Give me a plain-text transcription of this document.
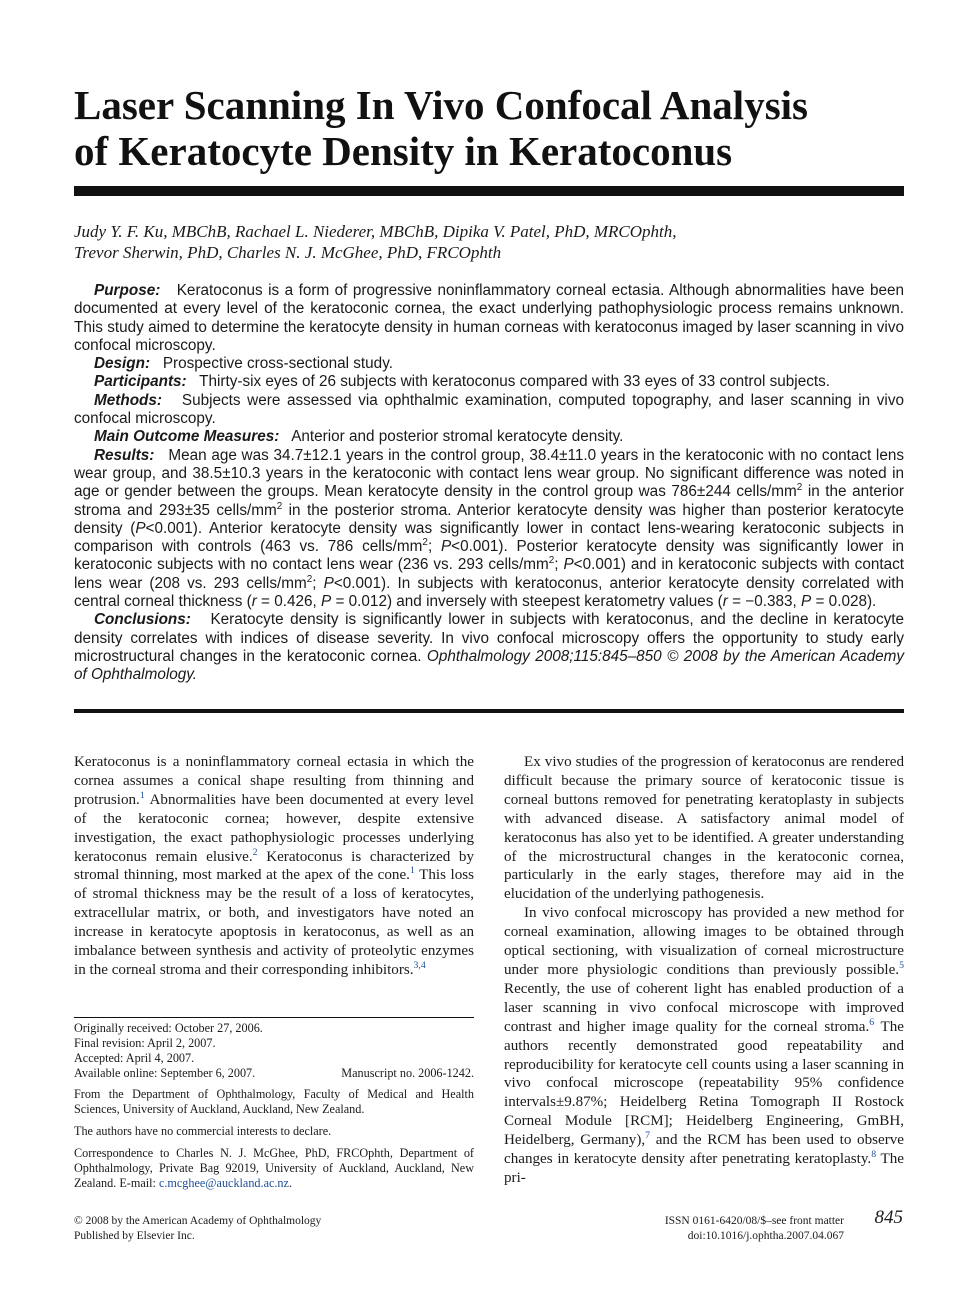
Laser Scanning In Vivo Confocal Analysis
of Keratocyte Density in Keratoconus
Judy Y. F. Ku, MBChB, Rachael L. Niederer, MBChB, Dipika V. Patel, PhD, MRCOphth,
Trevor Sherwin, PhD, Charles N. J. McGhee, PhD, FRCOphth

Purpose: Keratoconus is a form of progressive noninflammatory corneal ectasia. Although abnormalities have been documented at every level of the keratoconic cornea, the exact underlying pathophysiologic process remains unknown. This study aimed to determine the keratocyte density in human corneas with keratoconus imaged by laser scanning in vivo confocal microscopy.

Design: Prospective cross-sectional study.

Participants: Thirty-six eyes of 26 subjects with keratoconus compared with 33 eyes of 33 control subjects.

Methods: Subjects were assessed via ophthalmic examination, computed topography, and laser scanning in vivo confocal microscopy.

Main Outcome Measures: Anterior and posterior stromal keratocyte density.

Results: Mean age was 34.7±12.1 years in the control group, 38.4±11.0 years in the keratoconic with no contact lens wear group, and 38.5±10.3 years in the keratoconic with contact lens wear group. No significant difference was noted in age or gender between the groups. Mean keratocyte density in the control group was 786±244 cells/$mm^2$ in the anterior stroma and 293±35 cells/$mm^2$ in the posterior stroma. Anterior keratocyte density was higher than posterior keratocyte density (P<0.001). Anterior keratocyte density was significantly lower in contact lens-wearing keratoconic subjects in comparison with controls (463 vs. 786 cells/$mm^2$; P<0.001). Posterior keratocyte density was significantly lower in keratoconic subjects with no contact lens wear (236 vs. 293 cells/$mm^2$; P<0.001) and in keratoconic subjects with contact lens wear (208 vs. 293 cells/$mm^2$; P<0.001). In subjects with keratoconus, anterior keratocyte density correlated with central corneal thickness (r = 0.426, P = 0.012) and inversely with steepest keratometry values (r = −0.383, P = 0.028).

Conclusions: Keratocyte density is significantly lower in subjects with keratoconus, and the decline in keratocyte density correlates with indices of disease severity. In vivo confocal microscopy offers the opportunity to study early microstructural changes in the keratoconic cornea. Ophthalmology 2008;115:845–850 © 2008 by the American Academy of Ophthalmology.

Keratoconus is a noninflammatory corneal ectasia in which the cornea assumes a conical shape resulting from thinning and protrusion.$^1$ Abnormalities have been documented at every level of the keratoconic cornea; however, despite extensive investigation, the exact pathophysiologic processes underlying keratoconus remain elusive.$^2$ Keratoconus is characterized by stromal thinning, most marked at the apex of the cone.$^1$ This loss of stromal thickness may be the result of a loss of keratocytes, extracellular matrix, or both, and investigators have noted an increase in keratocyte apoptosis in keratoconus, as well as an imbalance between synthesis and activity of proteolytic enzymes in the corneal stroma and their corresponding inhibitors.$^{3,4}$

Originally received: October 27, 2006.
Final revision: April 2, 2007.
Accepted: April 4, 2007.
Available online: September 6, 2007.	Manuscript no. 2006-1242.

From the Department of Ophthalmology, Faculty of Medical and Health Sciences, University of Auckland, Auckland, New Zealand.

The authors have no commercial interests to declare.

Correspondence to Charles N. J. McGhee, PhD, FRCOphth, Department of Ophthalmology, Private Bag 92019, University of Auckland, Auckland, New Zealand. E-mail: c.mcghee@auckland.ac.nz.

Ex vivo studies of the progression of keratoconus are rendered difficult because the primary source of keratoconic tissue is corneal buttons removed for penetrating keratoplasty in subjects with advanced disease. A satisfactory animal model of keratoconus has also yet to be identified. A greater understanding of the microstructural changes in the keratoconic cornea, particularly in the early stages, therefore may aid in the elucidation of the underlying pathogenesis.

In vivo confocal microscopy has provided a new method for corneal examination, allowing images to be obtained through optical sectioning, with visualization of corneal microstructure under more physiologic conditions than previously possible.$^5$ Recently, the use of coherent light has enabled production of a laser scanning in vivo confocal microscope with improved contrast and higher image quality for the corneal stroma.$^6$ The authors recently demonstrated good repeatability and reproducibility for keratocyte cell counts using a laser scanning in vivo confocal microscope (repeatability 95% confidence intervals±9.87%; Heidelberg Retina Tomograph II Rostock Corneal Module [RCM]; Heidelberg Engineering, GmBH, Heidelberg, Germany),$^7$ and the RCM has been used to observe changes in keratocyte density after penetrating keratoplasty.$^8$ The pri-

© 2008 by the American Academy of Ophthalmology
Published by Elsevier Inc.
ISSN 0161-6420/08/$–see front matter
doi:10.1016/j.ophtha.2007.04.067
845
